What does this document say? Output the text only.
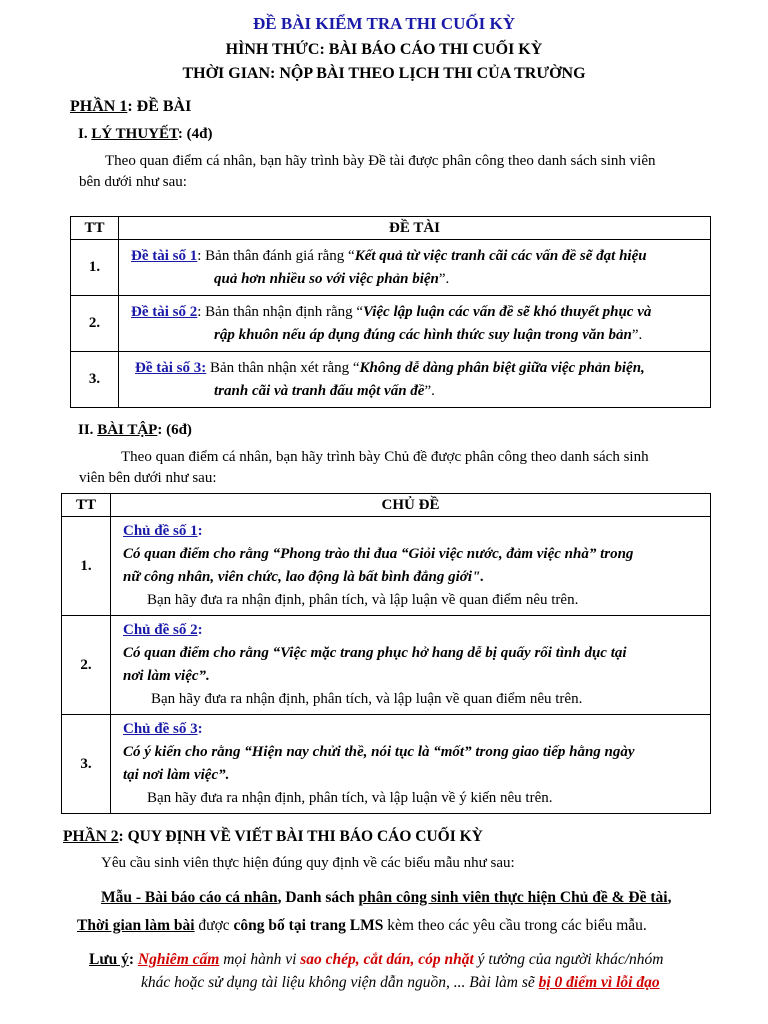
ĐỀ BÀI KIỂM TRA THI CUỐI KỲ
HÌNH THỨC: BÀI BÁO CÁO THI CUỐI KỲ
THỜI GIAN: NỘP BÀI THEO LỊCH THI CỦA TRƯỜNG
PHẦN 1: ĐỀ BÀI
I. LÝ THUYẾT: (4đ)
Theo quan điểm cá nhân, bạn hãy trình bày Đề tài được phân công theo danh sách sinh viên
bên dưới như sau:
TT	ĐỀ TÀI
1.	Đề tài số 1: Bản thân đánh giá rằng “Kết quả từ việc tranh cãi các vấn đề sẽ đạt hiệu
quả hơn nhiều so với việc phản biện”.

2.	Đề tài số 2: Bản thân nhận định rằng “Việc lập luận các vấn đề sẽ khó thuyết phục và
rập khuôn nếu áp dụng đúng các hình thức suy luận trong văn bản”.

3.	Đề tài số 3: Bản thân nhận xét rằng “Không dễ dàng phân biệt giữa việc phản biện,
tranh cãi và tranh đấu một vấn đề”.
II. BÀI TẬP: (6đ)
Theo quan điểm cá nhân, bạn hãy trình bày Chủ đề được phân công theo danh sách sinh
viên bên dưới như sau:
TT	CHỦ ĐỀ
1.	Chủ đề số 1:
Có quan điểm cho rằng “Phong trào thi đua “Giỏi việc nước, đảm việc nhà” trong
nữ công nhân, viên chức, lao động là bất bình đẳng giới".
Bạn hãy đưa ra nhận định, phân tích, và lập luận về quan điểm nêu trên.

2.	Chủ đề số 2:
Có quan điểm cho rằng “Việc mặc trang phục hở hang dễ bị quấy rối tình dục tại
nơi làm việc”.
Bạn hãy đưa ra nhận định, phân tích, và lập luận về quan điểm nêu trên.

3.	Chủ đề số 3:
Có ý kiến cho rằng “Hiện nay chửi thề, nói tục là “mốt” trong giao tiếp hằng ngày
tại nơi làm việc”.
Bạn hãy đưa ra nhận định, phân tích, và lập luận về ý kiến nêu trên.
PHẦN 2: QUY ĐỊNH VỀ VIẾT BÀI THI BÁO CÁO CUỐI KỲ
Yêu cầu sinh viên thực hiện đúng quy định về các biểu mẫu như sau:
Mẫu - Bài báo cáo cá nhân, Danh sách phân công sinh viên thực hiện Chủ đề & Đề tài,
Thời gian làm bài được công bố tại trang LMS kèm theo các yêu cầu trong các biểu mẫu.
Lưu ý: Nghiêm cấm mọi hành vi sao chép, cắt dán, cóp nhặt ý tưởng của người khác/nhóm
khác hoặc sử dụng tài liệu không viện dẫn nguồn, ... Bài làm sẽ bị 0 điểm vì lỗi đạo
